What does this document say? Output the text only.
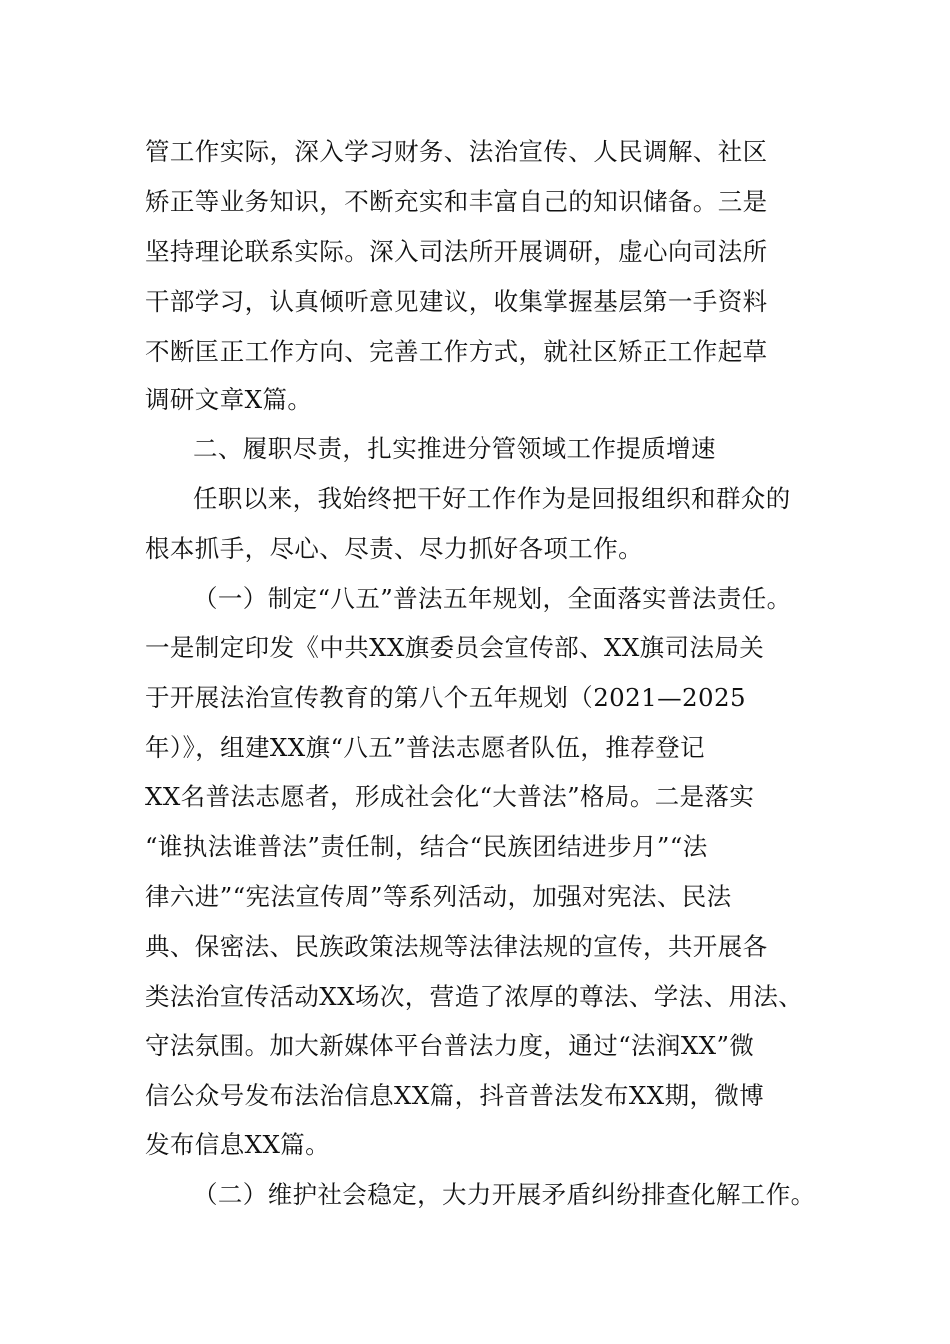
管工作实际，深入学习财务、法治宣传、人民调解、社区
矫正等业务知识，不断充实和丰富自己的知识储备。三是
坚持理论联系实际。深入司法所开展调研，虚心向司法所
干部学习，认真倾听意见建议，收集掌握基层第一手资料
不断匡正工作方向、完善工作方式，就社区矫正工作起草
调研文章X篇。
二、履职尽责，扎实推进分管领域工作提质增速
任职以来，我始终把干好工作作为是回报组织和群众的
根本抓手，尽心、尽责、尽力抓好各项工作。
（一）制定“八五”普法五年规划，全面落实普法责任。
一是制定印发《中共XX旗委员会宣传部、XX旗司法局关
于开展法治宣传教育的第八个五年规划（2021—2025
年）》，组建XX旗“八五”普法志愿者队伍，推荐登记
XX名普法志愿者，形成社会化“大普法”格局。二是落实
“谁执法谁普法”责任制，结合“民族团结进步月”“法
律六进”“宪法宣传周”等系列活动，加强对宪法、民法
典、保密法、民族政策法规等法律法规的宣传，共开展各
类法治宣传活动XX场次，营造了浓厚的尊法、学法、用法、
守法氛围。加大新媒体平台普法力度，通过“法润XX”微
信公众号发布法治信息XX篇，抖音普法发布XX期，微博
发布信息XX篇。
（二）维护社会稳定，大力开展矛盾纠纷排查化解工作。
